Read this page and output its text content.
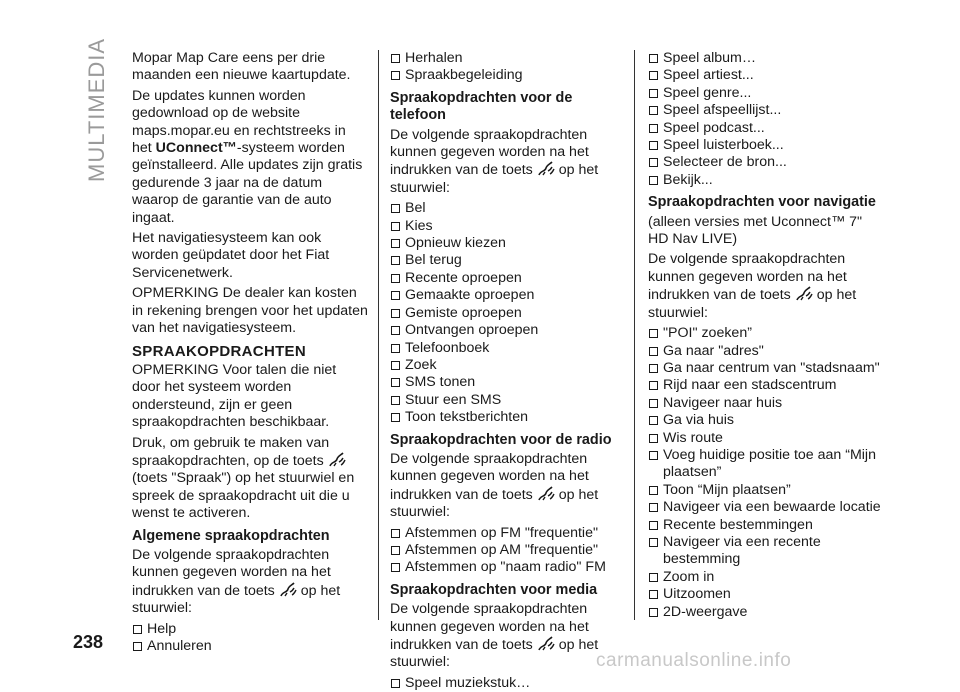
MULTIMEDIA Mopar Map Care eens per drie maanden een nieuwe kaartupdate.

De updates kunnen worden gedownload op de website maps.mopar.eu en rechtstreeks in het UConnect™-systeem worden geïnstalleerd. Alle updates zijn gratis gedurende 3 jaar na de datum waarop de garantie van de auto ingaat.

Het navigatiesysteem kan ook worden geüpdatet door het Fiat Servicenetwerk.

OPMERKING De dealer kan kosten in rekening brengen voor het updaten van het navigatiesysteem.

SPRAAKOPDRACHTEN

OPMERKING Voor talen die niet door het systeem worden ondersteund, zijn er geen spraakopdrachten beschikbaar.

Druk, om gebruik te maken van spraakopdrachten, op de toets
(toets "Spraak") op het stuurwiel en spreek de spraakopdracht uit die u wenst te activeren.

Algemene spraakopdrachten

De volgende spraakopdrachten kunnen gegeven worden na het indrukken van de toets op het stuurwiel:

Help
Annuleren
Herhalen
Spraakbegeleiding
Spraakopdrachten voor de telefoon

De volgende spraakopdrachten kunnen gegeven worden na het indrukken van de toets op het stuurwiel:

Bel
Kies
Opnieuw kiezen
Bel terug
Recente oproepen
Gemaakte oproepen
Gemiste oproepen
Ontvangen oproepen
Telefoonboek
Zoek
SMS tonen
Stuur een SMS
Toon tekstberichten
Spraakopdrachten voor de radio

De volgende spraakopdrachten kunnen gegeven worden na het indrukken van de toets op het stuurwiel:

Afstemmen op FM "frequentie"
Afstemmen op AM "frequentie"
Afstemmen op "naam radio" FM
Spraakopdrachten voor media

De volgende spraakopdrachten kunnen gegeven worden na het indrukken van de toets op het stuurwiel:

Speel muziekstuk…
Speel album…
Speel artiest...
Speel genre...
Speel afspeellijst...
Speel podcast...
Speel luisterboek...
Selecteer de bron...
Bekijk...
Spraakopdrachten voor navigatie

(alleen versies met Uconnect™ 7" HD Nav LIVE)

De volgende spraakopdrachten kunnen gegeven worden na het indrukken van de toets op het stuurwiel:

"POI" zoeken”
Ga naar "adres"
Ga naar centrum van "stadsnaam"
Rijd naar een stadscentrum
Navigeer naar huis
Ga via huis
Wis route
Voeg huidige positie toe aan “Mijn plaatsen”
Toon “Mijn plaatsen”
Navigeer via een bewaarde locatie
Recente bestemmingen
Navigeer via een recente bestemming
Zoom in
Uitzoomen
2D-weergave
238
carmanualsonline.info
